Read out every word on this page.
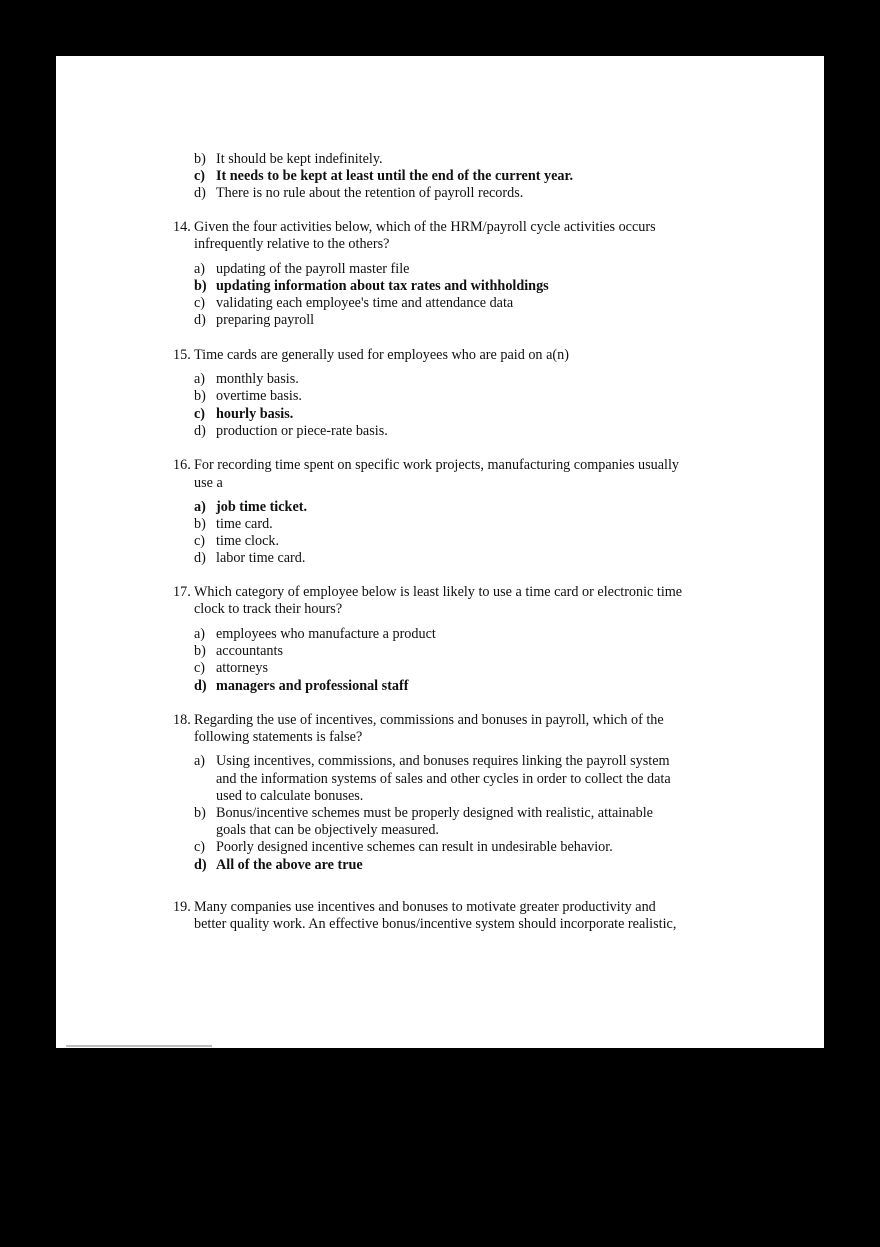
b) It should be kept indefinitely.
c) It needs to be kept at least until the end of the current year.
d) There is no rule about the retention of payroll records.
14. Given the four activities below, which of the HRM/payroll cycle activities occurs
infrequently relative to the others?
a) updating of the payroll master file
b) updating information about tax rates and withholdings
c) validating each employee's time and attendance data
d) preparing payroll
15. Time cards are generally used for employees who are paid on a(n)
a) monthly basis.
b) overtime basis.
c) hourly basis.
d) production or piece-rate basis.
16. For recording time spent on specific work projects, manufacturing companies usually
use a
a) job time ticket.
b) time card.
c) time clock.
d) labor time card.
17. Which category of employee below is least likely to use a time card or electronic time
clock to track their hours?
a) employees who manufacture a product
b) accountants
c) attorneys
d) managers and professional staff
18. Regarding the use of incentives, commissions and bonuses in payroll, which of the
following statements is false?
a) Using incentives, commissions, and bonuses requires linking the payroll system
and the information systems of sales and other cycles in order to collect the data
used to calculate bonuses.
b) Bonus/incentive schemes must be properly designed with realistic, attainable
goals that can be objectively measured.
c) Poorly designed incentive schemes can result in undesirable behavior.
d) All of the above are true
19. Many companies use incentives and bonuses to motivate greater productivity and
better quality work. An effective bonus/incentive system should incorporate realistic,
